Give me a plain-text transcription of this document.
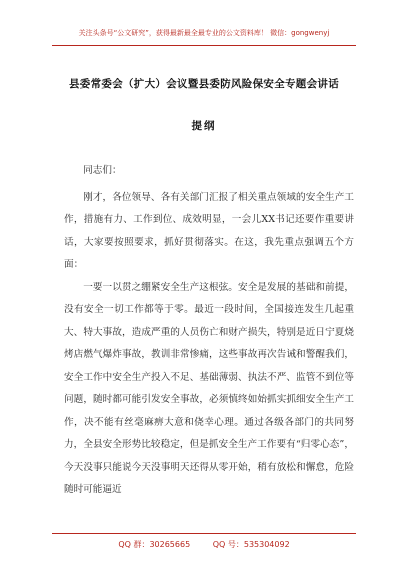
关注头条号“公文研究”，获得最新最全最专业的公文资料库！ 微信：gongwenyj
县委常委会（扩大）会议暨县委防风险保安全专题会讲话
提纲

同志们：

刚才，各位领导、各有关部门汇报了相关重点领域的安全生产工作，措施有力、工作到位、成效明显，一会儿XX书记还要作重要讲话，大家要按照要求，抓好贯彻落实。在这，我先重点强调五个方面：

一要一以贯之绷紧安全生产这根弦。安全是发展的基础和前提，没有安全一切工作都等于零。最近一段时间，全国接连发生几起重大、特大事故，造成严重的人员伤亡和财产损失，特别是近日宁夏烧烤店燃气爆炸事故，教训非常惨痛，这些事故再次告诫和警醒我们，安全工作中安全生产投入不足、基础薄弱、执法不严、监管不到位等问题，随时都可能引发安全事故，必须慎终如始抓实抓细安全生产工作，决不能有丝毫麻痹大意和侥幸心理。通过各级各部门的共同努力，全县安全形势比较稳定，但是抓安全生产工作要有“归零心态”，今天没事只能说今天没事明天还得从零开始，稍有放松和懈怠，危险随时可能逼近

QQ 群：30265665	QQ 号：535304092
